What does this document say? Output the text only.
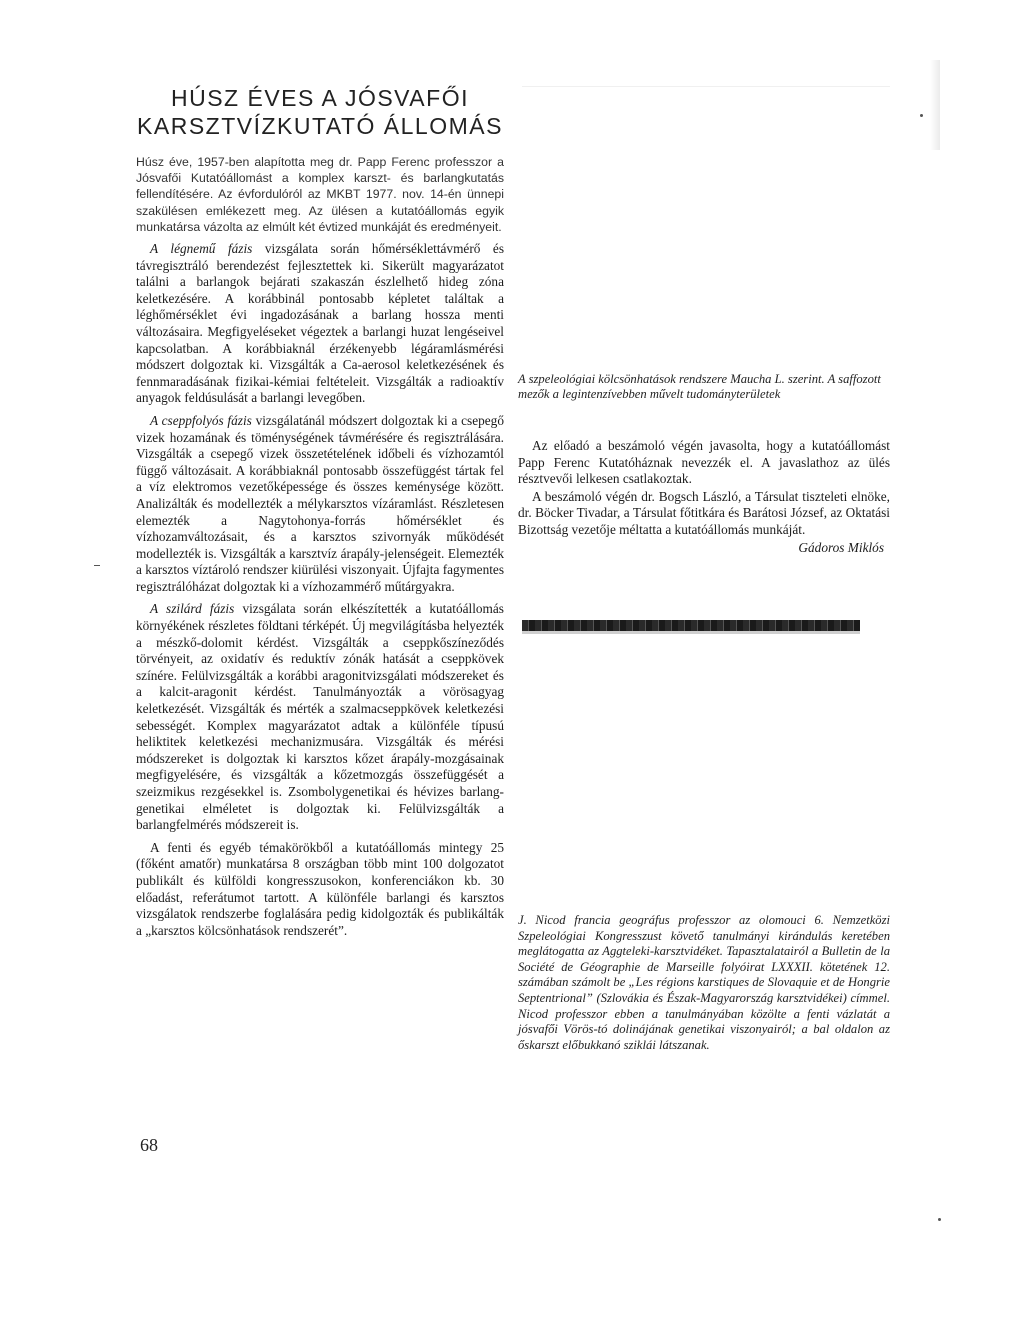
HÚSZ ÉVES A JÓSVAFŐI
KARSZTVÍZKUTATÓ ÁLLOMÁS

Húsz éve, 1957-ben alapította meg dr. Papp Ferenc professzor a Jósvafői Kutatóállomást a komplex karszt- és barlangkutatás fellendítésére. Az évfordulóról az MKBT 1977. nov. 14-én ünnepi szakülésen emlékezett meg. Az ülésen a kutatóállomás egyik munkatársa vázolta az elmúlt két évtized munkáját és eredményeit.

A légnemű fázis vizsgálata során hőmérséklettávmérő és távregisztráló berendezést fejlesztettek ki. Sikerült magyarázatot találni a barlangok bejárati szakaszán észlelhető hideg zóna keletkezésére. A korábbinál pontosabb képletet találtak a léghőmérséklet évi ingadozásának a barlang hossza menti változásaira. Megfigyeléseket végeztek a barlangi huzat lengéseivel kapcsolatban. A korábbiaknál érzékenyebb légáramlásmérési módszert dolgoztak ki. Vizsgálták a Ca-aerosol keletkezésének és fennmaradásának fizikai-kémiai feltételeit. Vizsgálták a radioaktív anyagok feldúsulását a barlangi levegőben.

A cseppfolyós fázis vizsgálatánál módszert dolgoztak ki a csepegő vizek hozamának és töménységének távmérésére és regisztrálására. Vizsgálták a csepegő vizek összetételének időbeli és vízhozamtól függő változásait. A korábbiaknál pontosabb összefüggést tártak fel a víz elektromos vezetőképessége és összes keménysége között. Analizálták és modellezték a mélykarsztos vízáramlást. Részletesen elemezték a Nagytohonya-forrás hőmérséklet és vízhozamváltozásait, és a karsztos szivornyák működését modellezték is. Vizsgálták a karsztvíz árapály-jelenségeit. Elemezték a karsztos víztároló rendszer kiürülési viszonyait. Újfajta fagymentes regisztrálóházat dolgoztak ki a vízhozammérő műtárgyakra.

A szilárd fázis vizsgálata során elkészítették a kutatóállomás környékének részletes földtani térképét. Új megvilágításba helyezték a mészkő-dolomit kérdést. Vizsgálták a cseppkőszíneződés törvényeit, az oxidatív és reduktív zónák hatását a cseppkövek színére. Felülvizsgálták a korábbi aragonitvizsgálati módszereket és a kalcit-aragonit kérdést. Tanulmányozták a vörösagyag keletkezését. Vizsgálták és mérték a szalmacseppkövek keletkezési sebességét. Komplex magyarázatot adtak a különféle típusú heliktitek keletkezési mechanizmusára. Vizsgálták és mérési módszereket is dolgoztak ki karsztos kőzet árapály-mozgásainak megfigyelésére, és vizsgálták a kőzetmozgás összefüggését a szeizmikus rezgésekkel is. Zsombolygenetikai és hévizes barlang-genetikai elméletet is dolgoztak ki. Felülvizsgálták a barlangfelmérés módszereit is.

A fenti és egyéb témakörökből a kutatóállomás mintegy 25 (főként amatőr) munkatársa 8 országban több mint 100 dolgozatot publikált és külföldi kongresszusokon, konferenciákon kb. 30 előadást, referátumot tartott. A különféle barlangi és karsztos vizsgálatok rendszerbe foglalására pedig kidolgozták és publikálták a „karsztos kölcsönhatások rendszerét”.

A szpeleológiai kölcsönhatások rendszere Maucha L. szerint. A saffozott mezők a legintenzívebben művelt tudományterületek

Az előadó a beszámoló végén javasolta, hogy a kutatóállomást Papp Ferenc Kutatóháznak nevezzék el. A javaslathoz az ülés résztvevői lelkesen csatlakoztak.

A beszámoló végén dr. Bogsch László, a Társulat tiszteleti elnöke, dr. Böcker Tivadar, a Társulat főtitkára és Barátosi József, az Oktatási Bizottság vezetője méltatta a kutatóállomás munkáját.

Gádoros Miklós
J. Nicod francia geográfus professzor az olomouci 6. Nemzetközi Szpeleológiai Kongresszust követő tanulmányi kirándulás keretében meglátogatta az Aggteleki-karsztvidéket. Tapasztalatairól a Bulletin de la Société de Géographie de Marseille folyóirat LXXXII. kötetének 12. számában számolt be „Les régions karstiques de Slovaquie et de Hongrie Septentrional” (Szlovákia és Észak-Magyarország karsztvidékei) címmel. Nicod professzor ebben a tanulmányában közölte a fenti vázlatát a jósvafői Vörös-tó dolinájának genetikai viszonyairól; a bal oldalon az őskarszt előbukkanó sziklái látszanak.
68
